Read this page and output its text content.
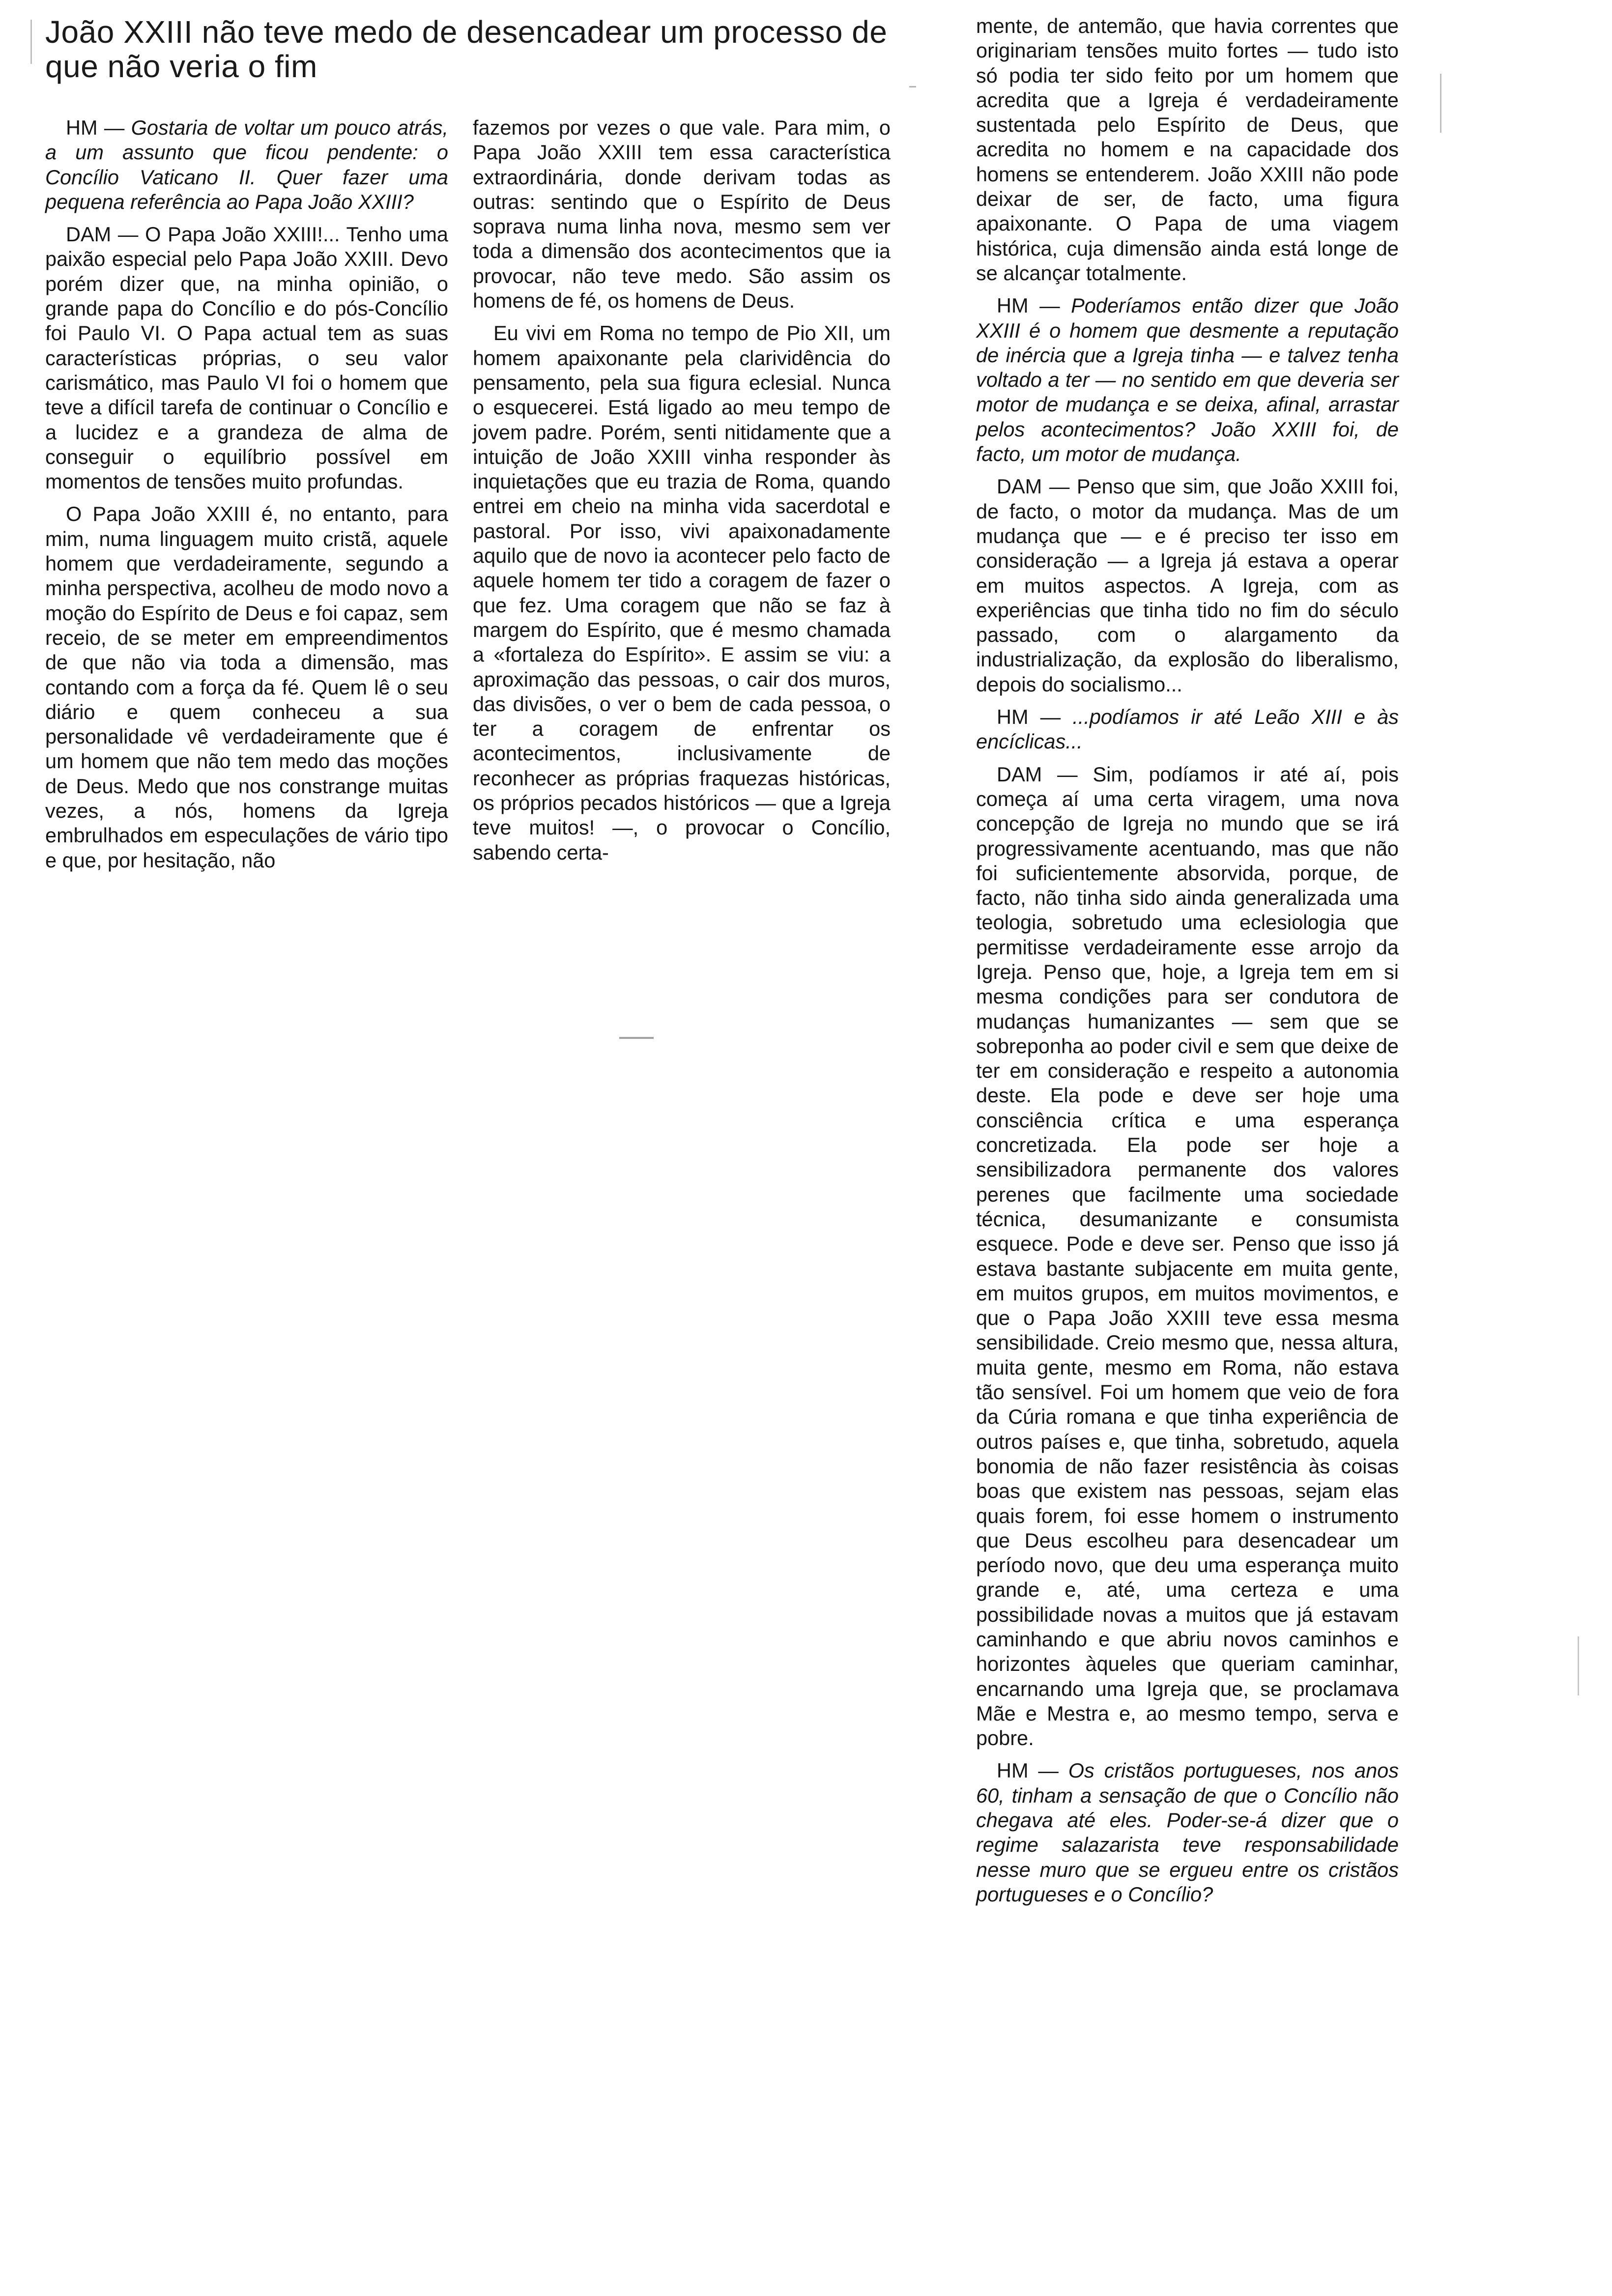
João XXIII não teve medo de desencadear um processo de que não veria o fim

HM — Gostaria de voltar um pouco atrás, a um assunto que ficou pendente: o Concílio Vaticano II. Quer fazer uma pequena referência ao Papa João XXIII?

DAM — O Papa João XXIII!... Tenho uma paixão especial pelo Papa João XXIII. Devo porém dizer que, na minha opinião, o grande papa do Concílio e do pós-Concílio foi Paulo VI. O Papa actual tem as suas características próprias, o seu valor carismático, mas Paulo VI foi o homem que teve a difícil tarefa de continuar o Concílio e a lucidez e a grandeza de alma de conseguir o equilíbrio possível em momentos de tensões muito profundas.

O Papa João XXIII é, no entanto, para mim, numa linguagem muito cristã, aquele homem que verdadeiramente, segundo a minha perspectiva, acolheu de modo novo a moção do Espírito de Deus e foi capaz, sem receio, de se meter em empreendimentos de que não via toda a dimensão, mas contando com a força da fé. Quem lê o seu diário e quem conheceu a sua personalidade vê verdadeiramente que é um homem que não tem medo das moções de Deus. Medo que nos constrange muitas vezes, a nós, homens da Igreja embrulhados em especulações de vário tipo e que, por hesitação, não

fazemos por vezes o que vale. Para mim, o Papa João XXIII tem essa característica extraordinária, donde derivam todas as outras: sentindo que o Espírito de Deus soprava numa linha nova, mesmo sem ver toda a dimensão dos acontecimentos que ia provocar, não teve medo. São assim os homens de fé, os homens de Deus.

Eu vivi em Roma no tempo de Pio XII, um homem apaixonante pela clarividência do pensamento, pela sua figura eclesial. Nunca o esquecerei. Está ligado ao meu tempo de jovem padre. Porém, senti nitidamente que a intuição de João XXIII vinha responder às inquietações que eu trazia de Roma, quando entrei em cheio na minha vida sacerdotal e pastoral. Por isso, vivi apaixonadamente aquilo que de novo ia acontecer pelo facto de aquele homem ter tido a coragem de fazer o que fez. Uma coragem que não se faz à margem do Espírito, que é mesmo chamada a «fortaleza do Espírito». E assim se viu: a aproximação das pessoas, o cair dos muros, das divisões, o ver o bem de cada pessoa, o ter a coragem de enfrentar os acontecimentos, inclusivamente de reconhecer as próprias fraquezas históricas, os próprios pecados históricos — que a Igreja teve muitos! —, o provocar o Concílio, sabendo certa-

mente, de antemão, que havia correntes que originariam tensões muito fortes — tudo isto só podia ter sido feito por um homem que acredita que a Igreja é verdadeiramente sustentada pelo Espírito de Deus, que acredita no homem e na capacidade dos homens se entenderem. João XXIII não pode deixar de ser, de facto, uma figura apaixonante. O Papa de uma viagem histórica, cuja dimensão ainda está longe de se alcançar totalmente.

HM — Poderíamos então dizer que João XXIII é o homem que desmente a reputação de inércia que a Igreja tinha — e talvez tenha voltado a ter — no sentido em que deveria ser motor de mudança e se deixa, afinal, arrastar pelos acontecimentos? João XXIII foi, de facto, um motor de mudança.

DAM — Penso que sim, que João XXIII foi, de facto, o motor da mudança. Mas de um mudança que — e é preciso ter isso em consideração — a Igreja já estava a operar em muitos aspectos. A Igreja, com as experiências que tinha tido no fim do século passado, com o alargamento da industrialização, da explosão do liberalismo, depois do socialismo...

HM — ...podíamos ir até Leão XIII e às encíclicas...

DAM — Sim, podíamos ir até aí, pois começa aí uma certa viragem, uma nova concepção de Igreja no mundo que se irá progressivamente acentuando, mas que não foi suficientemente absorvida, porque, de facto, não tinha sido ainda generalizada uma teologia, sobretudo uma eclesiologia que permitisse verdadeiramente esse arrojo da Igreja. Penso que, hoje, a Igreja tem em si mesma condições para ser condutora de mudanças humanizantes — sem que se sobreponha ao poder civil e sem que deixe de ter em consideração e respeito a autonomia deste. Ela pode e deve ser hoje uma consciência crítica e uma esperança concretizada. Ela pode ser hoje a sensibilizadora permanente dos valores perenes que facilmente uma sociedade técnica, desumanizante e consumista esquece. Pode e deve ser. Penso que isso já estava bastante subjacente em muita gente, em muitos grupos, em muitos movimentos, e que o Papa João XXIII teve essa mesma sensibilidade. Creio mesmo que, nessa altura, muita gente, mesmo em Roma, não estava tão sensível. Foi um homem que veio de fora da Cúria romana e que tinha experiência de outros países e, que tinha, sobretudo, aquela bonomia de não fazer resistência às coisas boas que existem nas pessoas, sejam elas quais forem, foi esse homem o instrumento que Deus escolheu para desencadear um período novo, que deu uma esperança muito grande e, até, uma certeza e uma possibilidade novas a muitos que já estavam caminhando e que abriu novos caminhos e horizontes àqueles que queriam caminhar, encarnando uma Igreja que, se proclamava Mãe e Mestra e, ao mesmo tempo, serva e pobre.

HM — Os cristãos portugueses, nos anos 60, tinham a sensação de que o Concílio não chegava até eles. Poder-se-á dizer que o regime salazarista teve responsabilidade nesse muro que se ergueu entre os cristãos portugueses e o Concílio?
